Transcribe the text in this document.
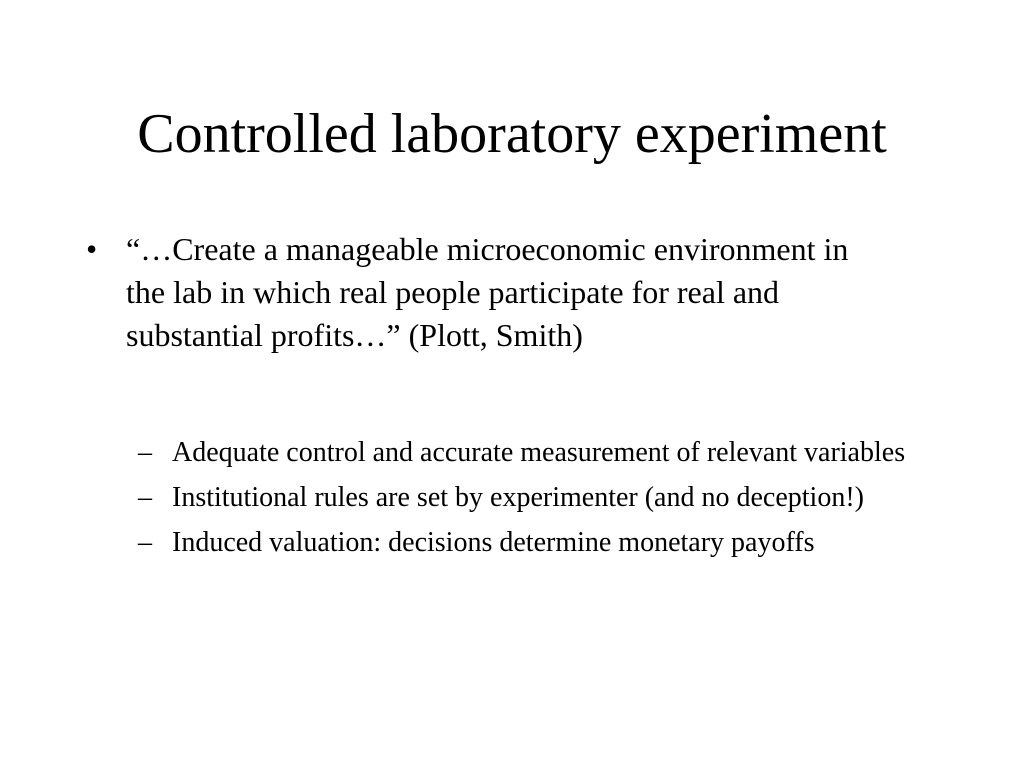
Controlled laboratory experiment
• “…Create a manageable microeconomic environment in the lab in which real people participate for real and substantial profits…” (Plott, Smith)
– Adequate control and accurate measurement of relevant variables
– Institutional rules are set by experimenter (and no deception!)
– Induced valuation: decisions determine monetary payoffs
